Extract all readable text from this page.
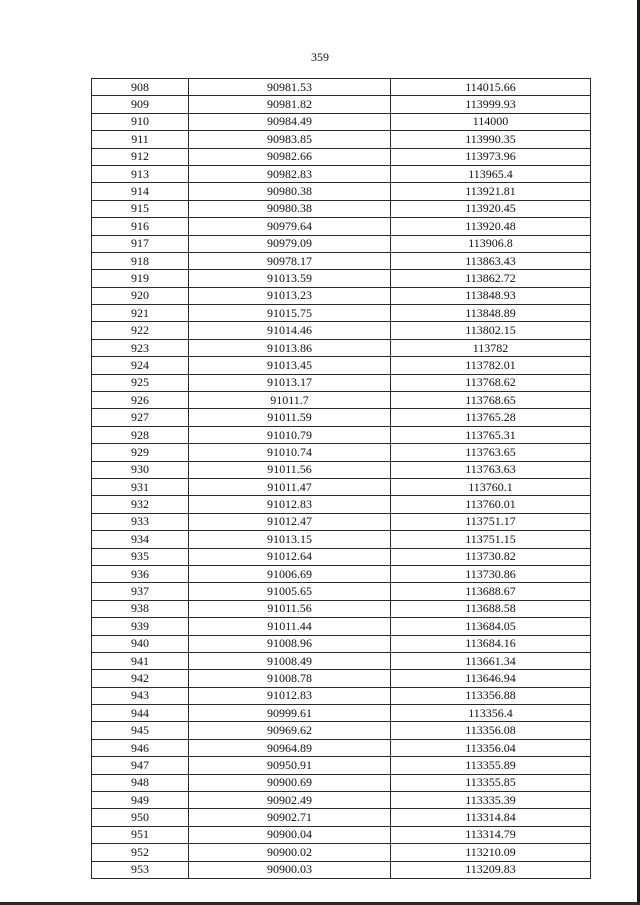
359
908	90981.53	114015.66
909	90981.82	113999.93
910	90984.49	114000
911	90983.85	113990.35
912	90982.66	113973.96
913	90982.83	113965.4
914	90980.38	113921.81
915	90980.38	113920.45
916	90979.64	113920.48
917	90979.09	113906.8
918	90978.17	113863.43
919	91013.59	113862.72
920	91013.23	113848.93
921	91015.75	113848.89
922	91014.46	113802.15
923	91013.86	113782
924	91013.45	113782.01
925	91013.17	113768.62
926	91011.7	113768.65
927	91011.59	113765.28
928	91010.79	113765.31
929	91010.74	113763.65
930	91011.56	113763.63
931	91011.47	113760.1
932	91012.83	113760.01
933	91012.47	113751.17
934	91013.15	113751.15
935	91012.64	113730.82
936	91006.69	113730.86
937	91005.65	113688.67
938	91011.56	113688.58
939	91011.44	113684.05
940	91008.96	113684.16
941	91008.49	113661.34
942	91008.78	113646.94
943	91012.83	113356.88
944	90999.61	113356.4
945	90969.62	113356.08
946	90964.89	113356.04
947	90950.91	113355.89
948	90900.69	113355.85
949	90902.49	113335.39
950	90902.71	113314.84
951	90900.04	113314.79
952	90900.02	113210.09
953	90900.03	113209.83
